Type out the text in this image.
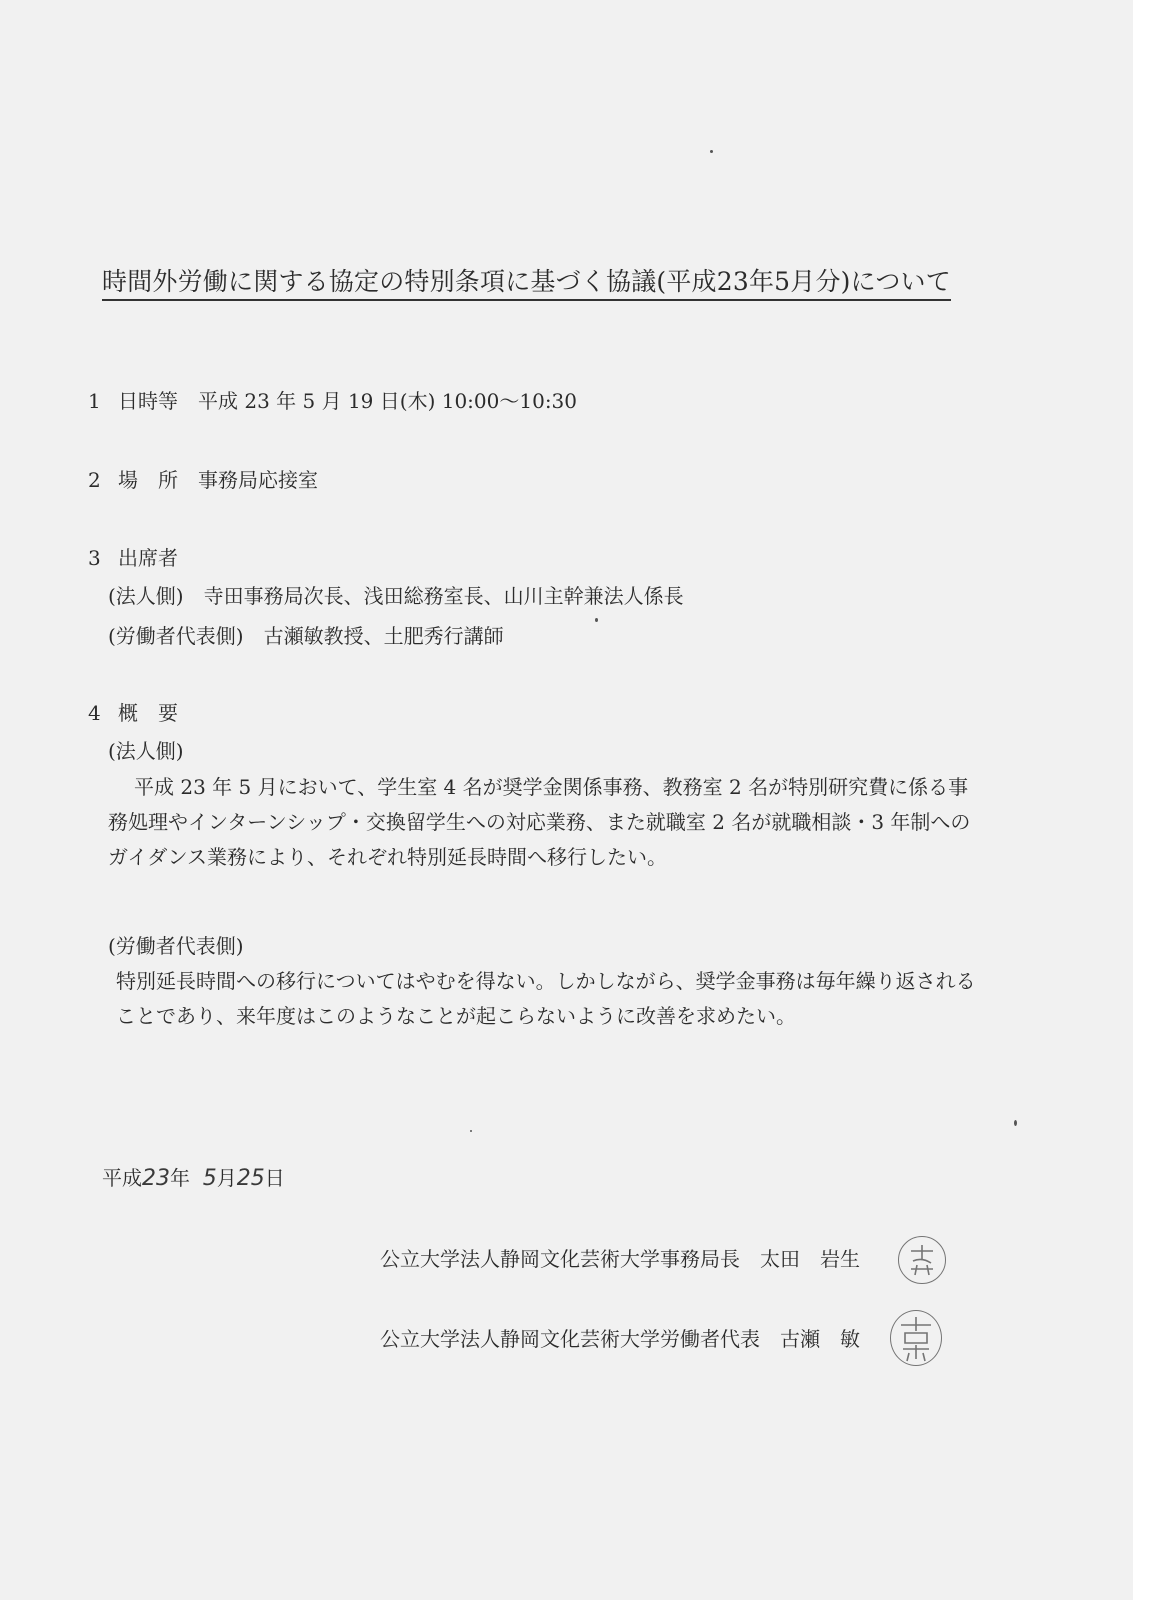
時間外労働に関する協定の特別条項に基づく協議(平成23年5月分)について
1 日時等　 平成 23 年 5 月 19 日(木) 10:00～10:30
2 場　所　 事務局応接室
3 出席者
(法人側)　寺田事務局次長、浅田総務室長、山川主幹兼法人係長
(労働者代表側)　古瀬敏教授、土肥秀行講師
4 概　要
(法人側)
平成 23 年 5 月において、学生室 4 名が奨学金関係事務、教務室 2 名が特別研究費に係る事務処理やインターンシップ・交換留学生への対応業務、また就職室 2 名が就職相談・3 年制へのガイダンス業務により、それぞれ特別延長時間へ移行したい。
(労働者代表側)
特別延長時間への移行についてはやむを得ない。しかしながら、奨学金事務は毎年繰り返されることであり、来年度はこのようなことが起こらないように改善を求めたい。
平成23年 5月25日
公立大学法人静岡文化芸術大学事務局長　 太田　岩生
公立大学法人静岡文化芸術大学労働者代表　 古瀬　敏
